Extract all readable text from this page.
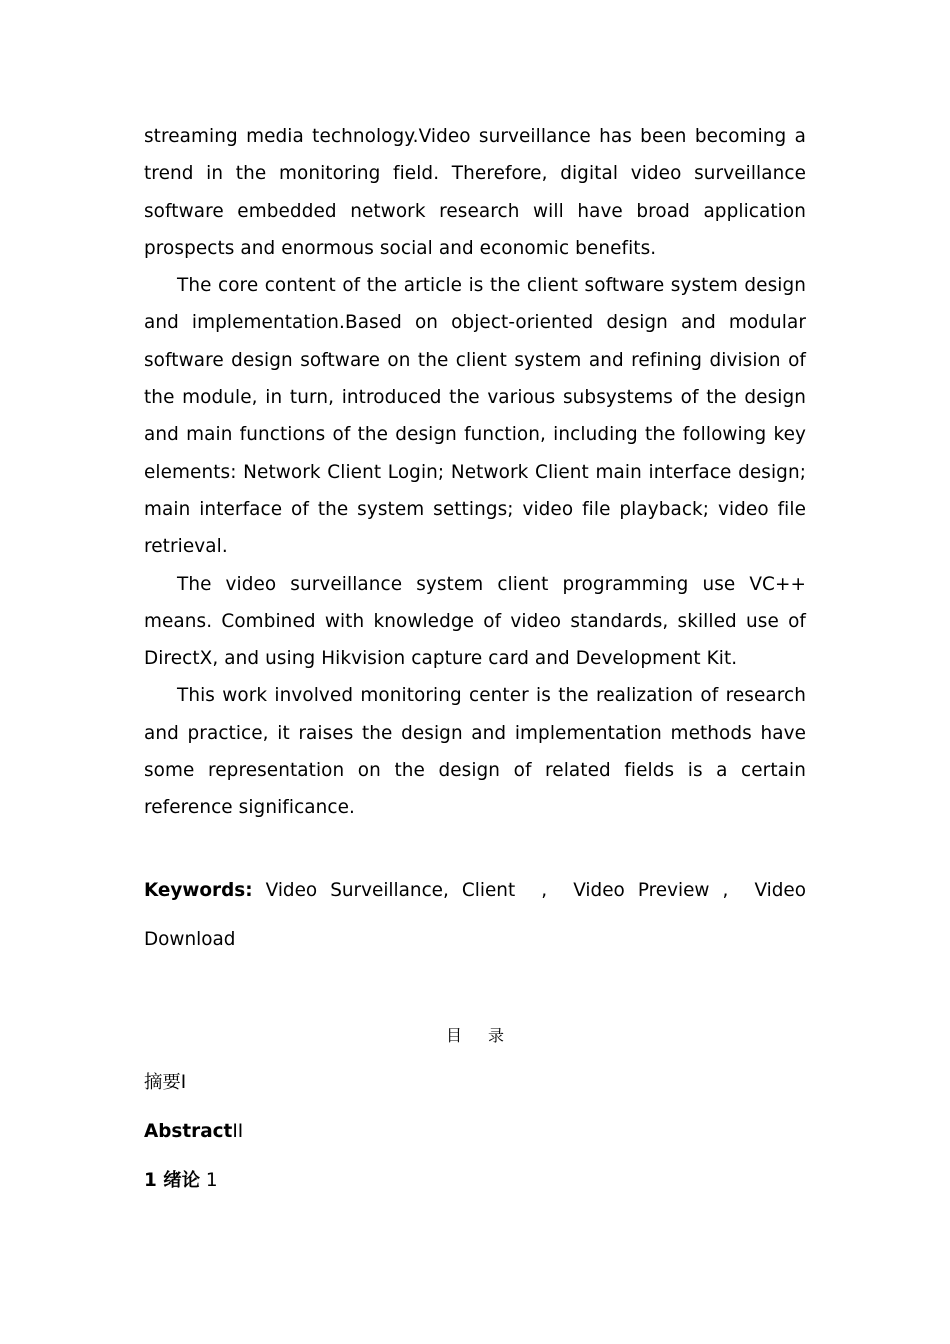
streaming media technology.Video surveillance has been becoming a trend in the monitoring field. Therefore, digital video surveillance software embedded network research will have broad application prospects and enormous social and economic benefits.

The core content of the article is the client software system design and implementation.Based on object-oriented design and modular software design software on the client system and refining division of the module, in turn, introduced the various subsystems of the design and main functions of the design function, including the following key elements: Network Client Login; Network Client main interface design; main interface of the system settings; video file playback; video file retrieval.

The video surveillance system client programming use VC++ means. Combined with knowledge of video standards, skilled use of DirectX, and using Hikvision capture card and Development Kit.

This work involved monitoring center is the realization of research and practice, it raises the design and implementation methods have some representation on the design of related fields is a certain reference significance.

Keywords: Video Surveillance, Client  ,  Video Preview ,  Video Download

目录
摘要I
AbstractII
1 绪论 1
